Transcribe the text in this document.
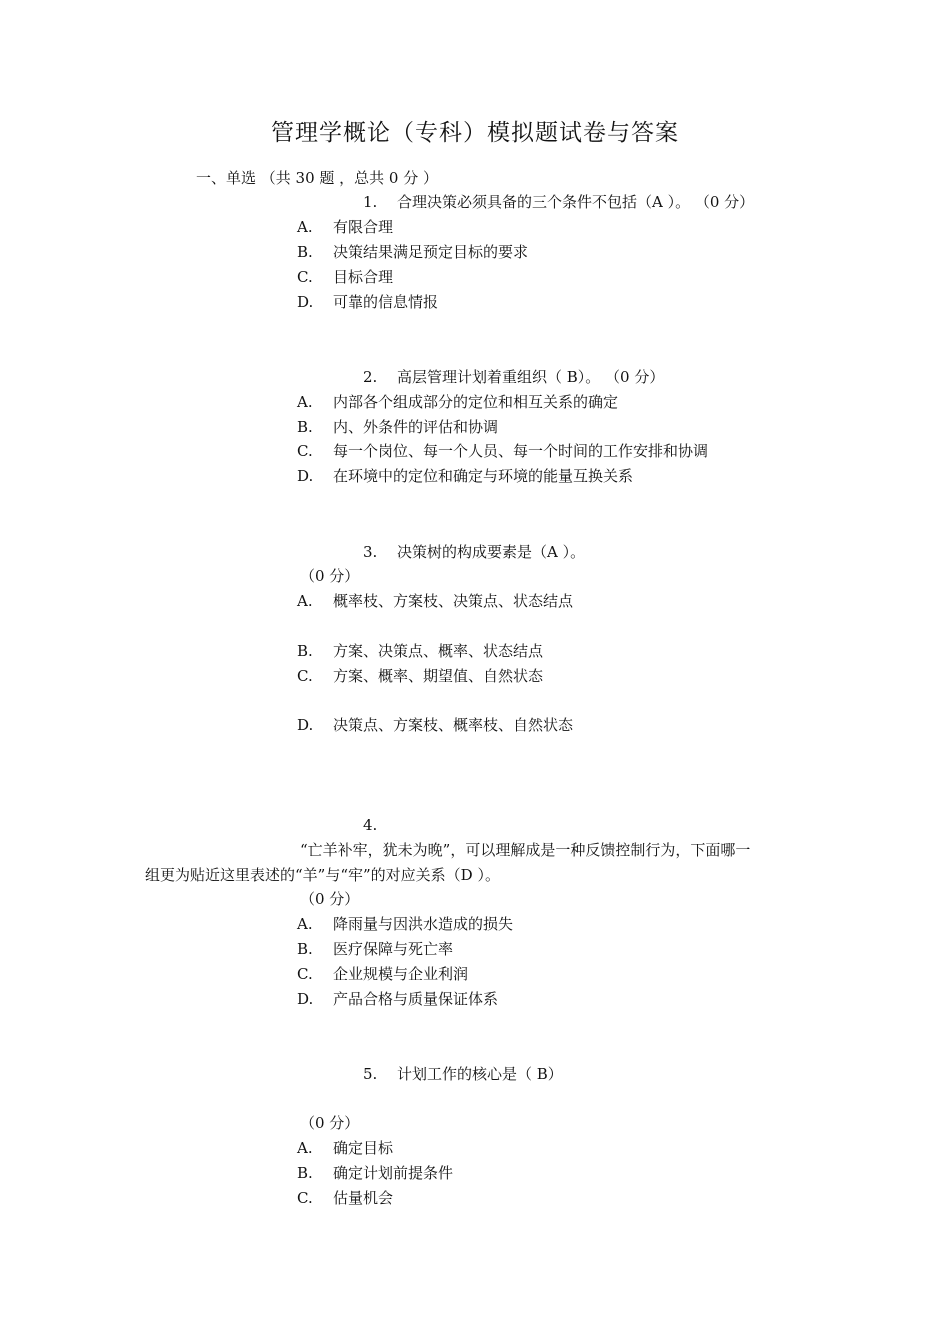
管理学概论（专科）模拟题试卷与答案
一、单选 （共 30 题 ，总共 0 分 ）
1. 合理决策必须具备的三个条件不包括（A ）。 （0 分）
A. 有限合理
B. 决策结果满足预定目标的要求
C. 目标合理
D. 可靠的信息情报
2. 高层管理计划着重组织（ B）。 （0 分）
A. 内部各个组成部分的定位和相互关系的确定
B. 内、外条件的评估和协调
C. 每一个岗位、每一个人员、每一个时间的工作安排和协调
D. 在环境中的定位和确定与环境的能量互换关系
3. 决策树的构成要素是（A ）。
（0 分）
A. 概率枝、方案枝、决策点、状态结点
B. 方案、决策点、概率、状态结点
C. 方案、概率、期望值、自然状态
D. 决策点、方案枝、概率枝、自然状态
4.
“亡羊补牢，犹未为晚”，可以理解成是一种反馈控制行为，下面哪一
组更为贴近这里表述的“羊”与“牢”的对应关系（D ）。
（0 分）
A. 降雨量与因洪水造成的损失
B. 医疗保障与死亡率
C. 企业规模与企业利润
D. 产品合格与质量保证体系
5. 计划工作的核心是（ B）
（0 分）
A. 确定目标
B. 确定计划前提条件
C. 估量机会
